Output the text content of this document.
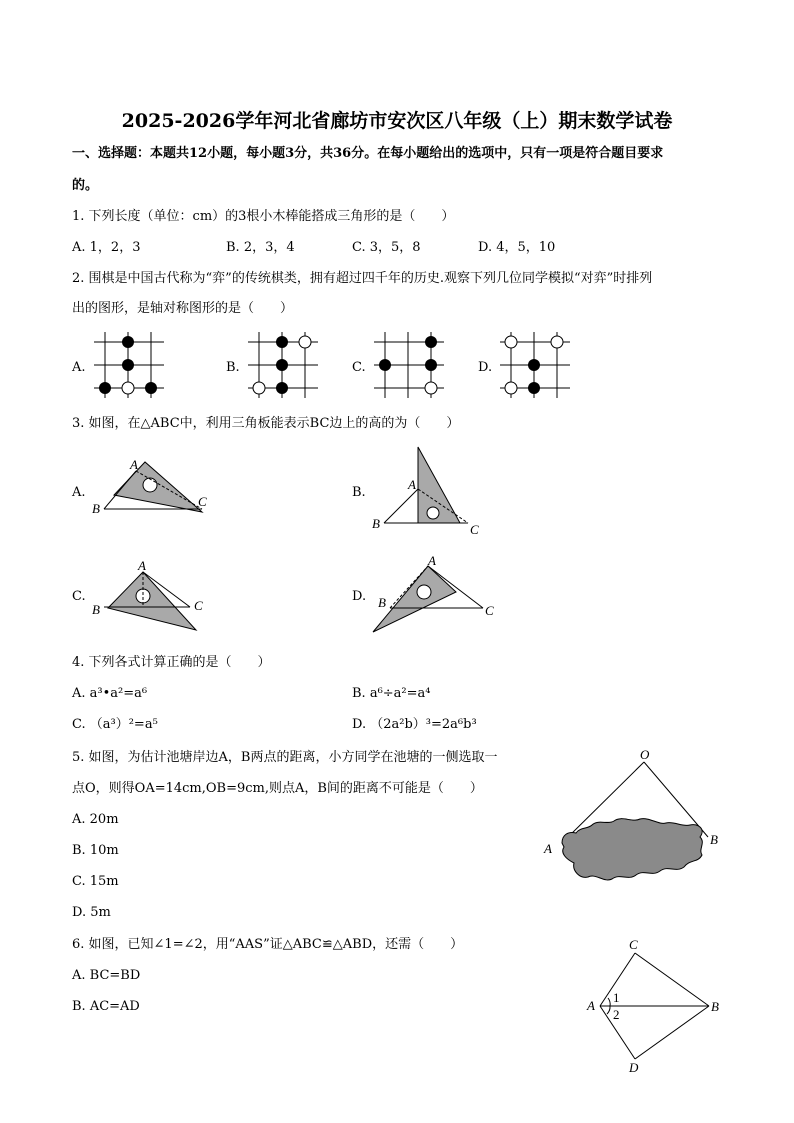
2025-2026学年河北省廊坊市安次区八年级（上）期末数学试卷
一、选择题：本题共12小题，每小题3分，共36分。在每小题给出的选项中，只有一项是符合题目要求
的。
1. 下列长度（单位：cm）的3根小木棒能搭成三角形的是（　　）
A. 1，2，3	B. 2，3，4	C. 3，5，8	D. 4，5，10
2. 围棋是中国古代称为“弈”的传统棋类，拥有超过四千年的历史.观察下列几位同学模拟“对弈”时排列
出的图形，是轴对称图形的是（　　）
A.	B.	C.	D.
3. 如图，在△ABC中，利用三角板能表示BC边上的高的为（　　）
A.	B.
C.	D.
A
B	C
A
B	C
A
B	C
A
B
C
4. 下列各式计算正确的是（　　）
A. a³•a²=a⁶	B. a⁶÷a²=a⁴
C. （a³）²=a⁵	D. （2a²b）³=2a⁶b³
5. 如图，为估计池塘岸边A，B两点的距离，小方同学在池塘的一侧选取一
点O，则得OA=14cm,OB=9cm,则点A，B间的距离不可能是（　　）
A. 20m
B. 10m
C. 15m
D. 5m
O
A
B
6. 如图，已知∠1=∠2，用“AAS”证△ABC≌△ABD，还需（　　）
A. BC=BD
B. AC=AD
C
A	B
D
1
2
